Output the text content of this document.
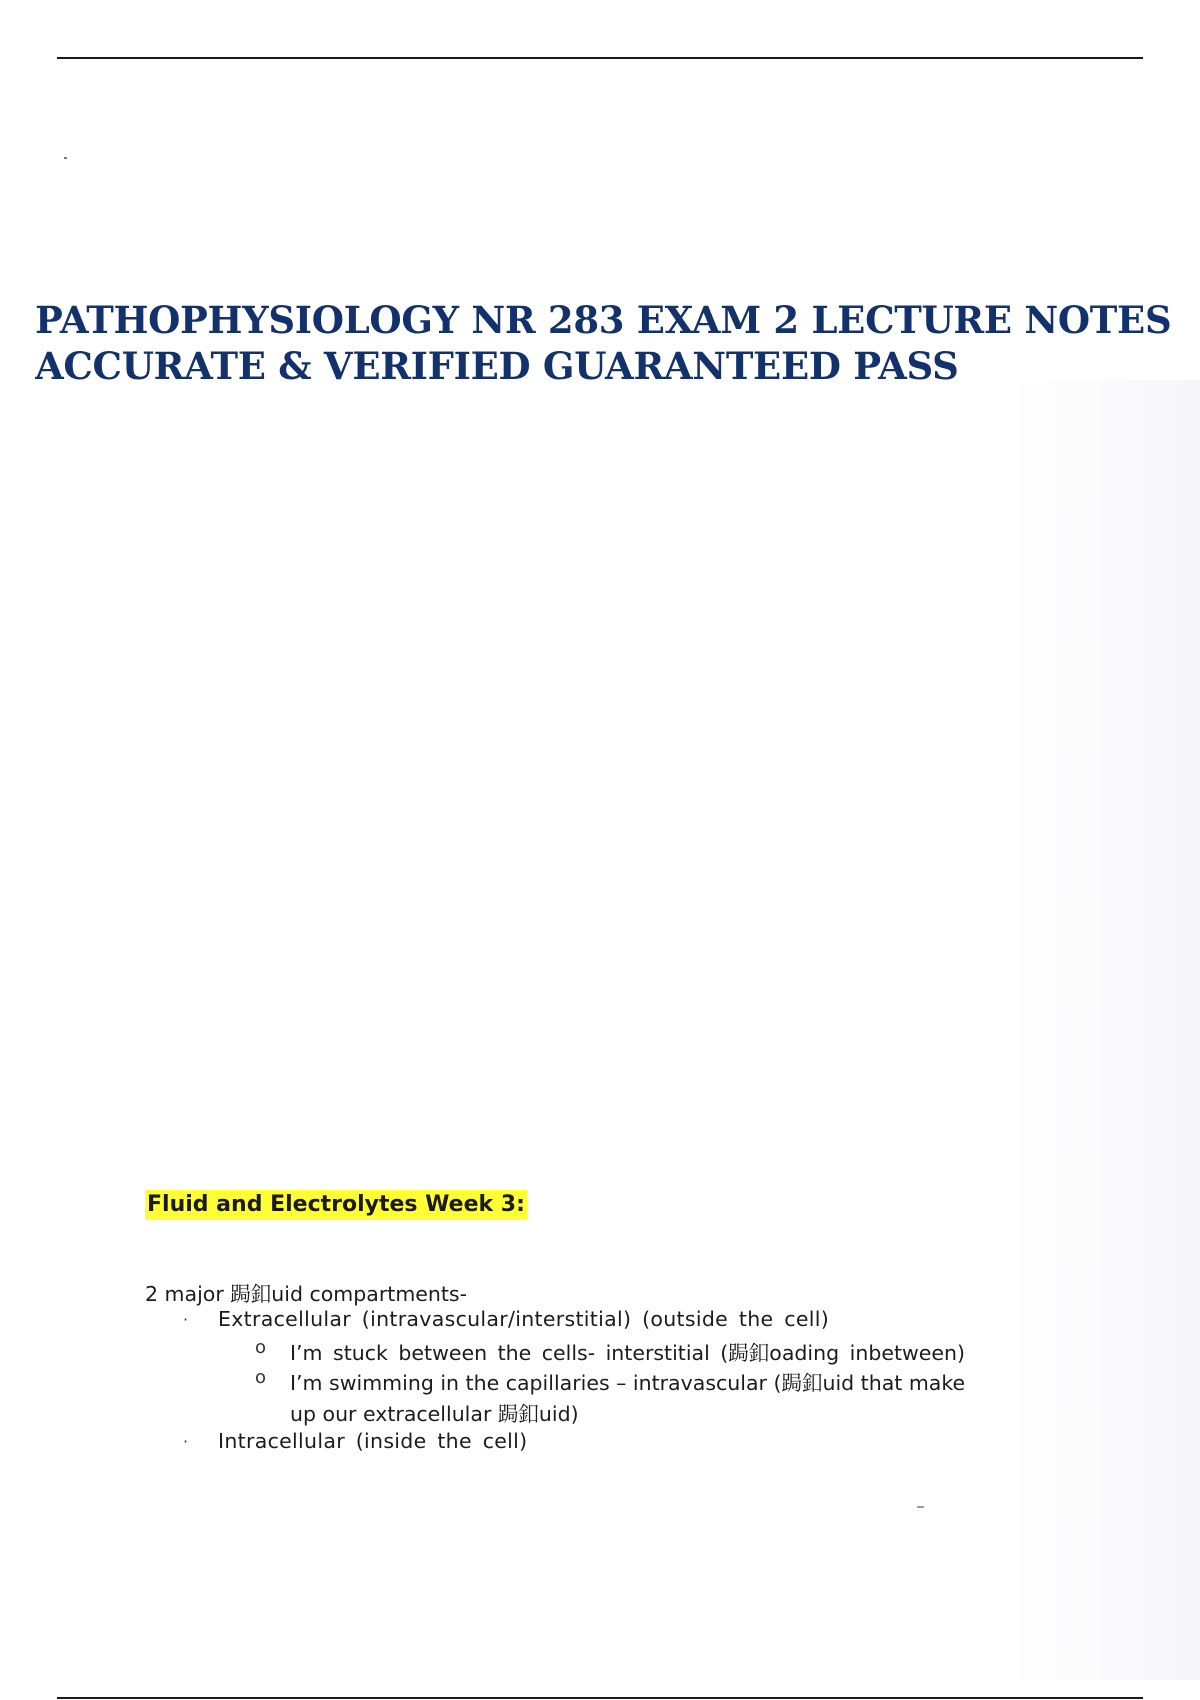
PATHOPHYSIOLOGY NR 283 EXAM 2 LECTURE NOTES
ACCURATE & VERIFIED GUARANTEED PASS
Fluid and Electrolytes Week 3:
2 major 跼釦uid compartments-
· Extracellular (intravascular/interstitial) (outside the cell)
o I’m stuck between the cells- interstitial (跼釦oading inbetween)
o I’m swimming in the capillaries – intravascular (跼釦uid that make
up our extracellular 跼釦uid)
· Intracellular (inside the cell)
